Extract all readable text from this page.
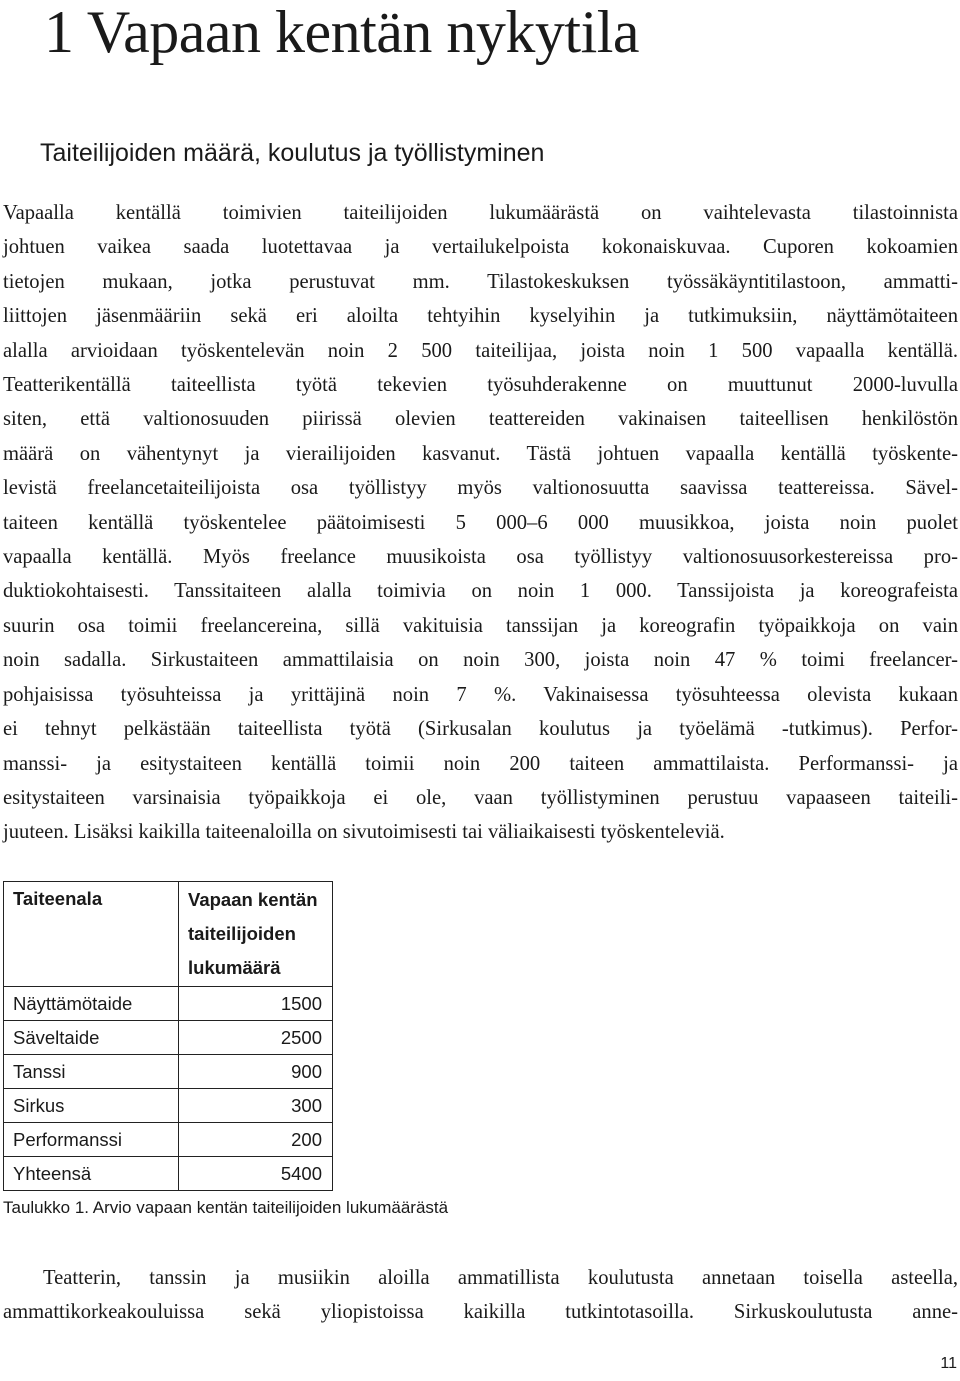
1 Vapaan kentän nykytila
Taiteilijoiden määrä, koulutus ja työllistyminen
Vapaalla kentällä toimivien taiteilijoiden lukumäärästä on vaihtelevasta tilastoinnista
johtuen vaikea saada luotettavaa ja vertailukelpoista kokonaiskuvaa. Cuporen kokoamien
tietojen mukaan, jotka perustuvat mm. Tilastokeskuksen työssäkäyntitilastoon, ammatti-
liittojen jäsenmääriin sekä eri aloilta tehtyihin kyselyihin ja tutkimuksiin, näyttämötaiteen
alalla arvioidaan työskentelevän noin 2 500 taiteilijaa, joista noin 1 500 vapaalla kentällä.
Teatterikentällä taiteellista työtä tekevien työsuhderakenne on muuttunut 2000-luvulla
siten, että valtionosuuden piirissä olevien teattereiden vakinaisen taiteellisen henkilöstön
määrä on vähentynyt ja vierailijoiden kasvanut. Tästä johtuen vapaalla kentällä työskente-
levistä freelancetaiteilijoista osa työllistyy myös valtionosuutta saavissa teattereissa. Sävel-
taiteen kentällä työskentelee päätoimisesti 5 000–6 000 muusikkoa, joista noin puolet
vapaalla kentällä. Myös freelance muusikoista osa työllistyy valtionosuusorkestereissa pro-
duktiokohtaisesti. Tanssitaiteen alalla toimivia on noin 1 000. Tanssijoista ja koreografeista
suurin osa toimii freelancereina, sillä vakituisia tanssijan ja koreografin työpaikkoja on vain
noin sadalla. Sirkustaiteen ammattilaisia on noin 300, joista noin 47 % toimi freelancer-
pohjaisissa työsuhteissa ja yrittäjinä noin 7 %. Vakinaisessa työsuhteessa olevista kukaan
ei tehnyt pelkästään taiteellista työtä (Sirkusalan koulutus ja työelämä -tutkimus). Perfor-
manssi- ja esitystaiteen kentällä toimii noin 200 taiteen ammattilaista. Performanssi- ja
esitystaiteen varsinaisia työpaikkoja ei ole, vaan työllistyminen perustuu vapaaseen taiteili-
juuteen. Lisäksi kaikilla taiteenaloilla on sivutoimisesti tai väliaikaisesti työskenteleviä.
Taiteenala	Vapaan kentän taiteilijoiden lukumäärä
Näyttämötaide	1500
Säveltaide	2500
Tanssi	900
Sirkus	300
Performanssi	200
Yhteensä	5400
Taulukko 1. Arvio vapaan kentän taiteilijoiden lukumäärästä
Teatterin, tanssin ja musiikin aloilla ammatillista koulutusta annetaan toisella asteella,
ammattikorkeakouluissa sekä yliopistoissa kaikilla tutkintotasoilla. Sirkuskoulutusta anne-
11
